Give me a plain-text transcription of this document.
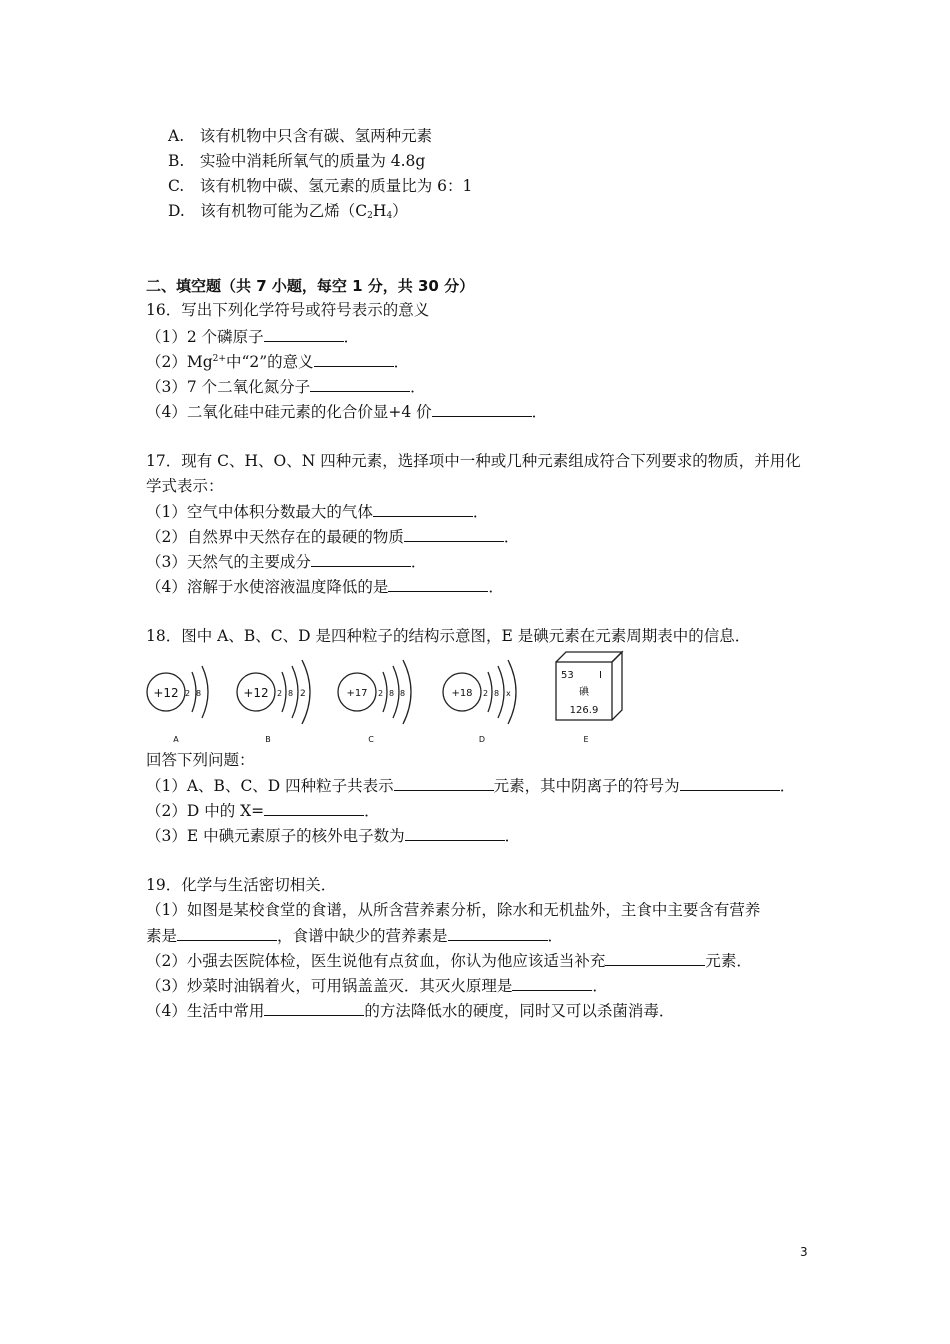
A.　该有机物中只含有碳、氢两种元素
B.　实验中消耗所氧气的质量为 4.8g
C.　该有机物中碳、氢元素的质量比为 6：1
D.　该有机物可能为乙烯$(C_2H_4)$
二、填空题（共 7 小题，每空 1 分，共 30 分）
16．写出下列化学符号或符号表示的意义
（1）2 个磷原子	．
$(2)Mg^{2+}$中“2”的意义	．
（3）7 个二氧化氮分子	．
（4）二氧化硅中硅元素的化合价显+4 价	．
17．现有 C、H、O、N 四种元素，选择项中一种或几种元素组成符合下列要求的物质，并用化
学式表示：
（1）空气中体积分数最大的气体	．
（2）自然界中天然存在的最硬的物质	．
（3）天然气的主要成分	．
（4）溶解于水使溶液温度降低的是	．
18．图中 A、B、C、D 是四种粒子的结构示意图，E 是碘元素在元素周期表中的信息．
+12 2 8	+12 2 8 2	+17 2 8 8	+18 2 8 x
53	I
碘
126.9
A	B	C	D	E
回答下列问题：
（1）A、B、C、D 四种粒子共表示	元素，其中阴离子的符号为	．
（2）D 中的 X=	．
（3）E 中碘元素原子的核外电子数为	．
19．化学与生活密切相关．
（1）如图是某校食堂的食谱，从所含营养素分析，除水和无机盐外，主食中主要含有营养
素是	，食谱中缺少的营养素是	．
（2）小强去医院体检，医生说他有点贫血，你认为他应该适当补充	元素．
（3）炒菜时油锅着火，可用锅盖盖灭．其灭火原理是	．
（4）生活中常用	的方法降低水的硬度，同时又可以杀菌消毒．
3
